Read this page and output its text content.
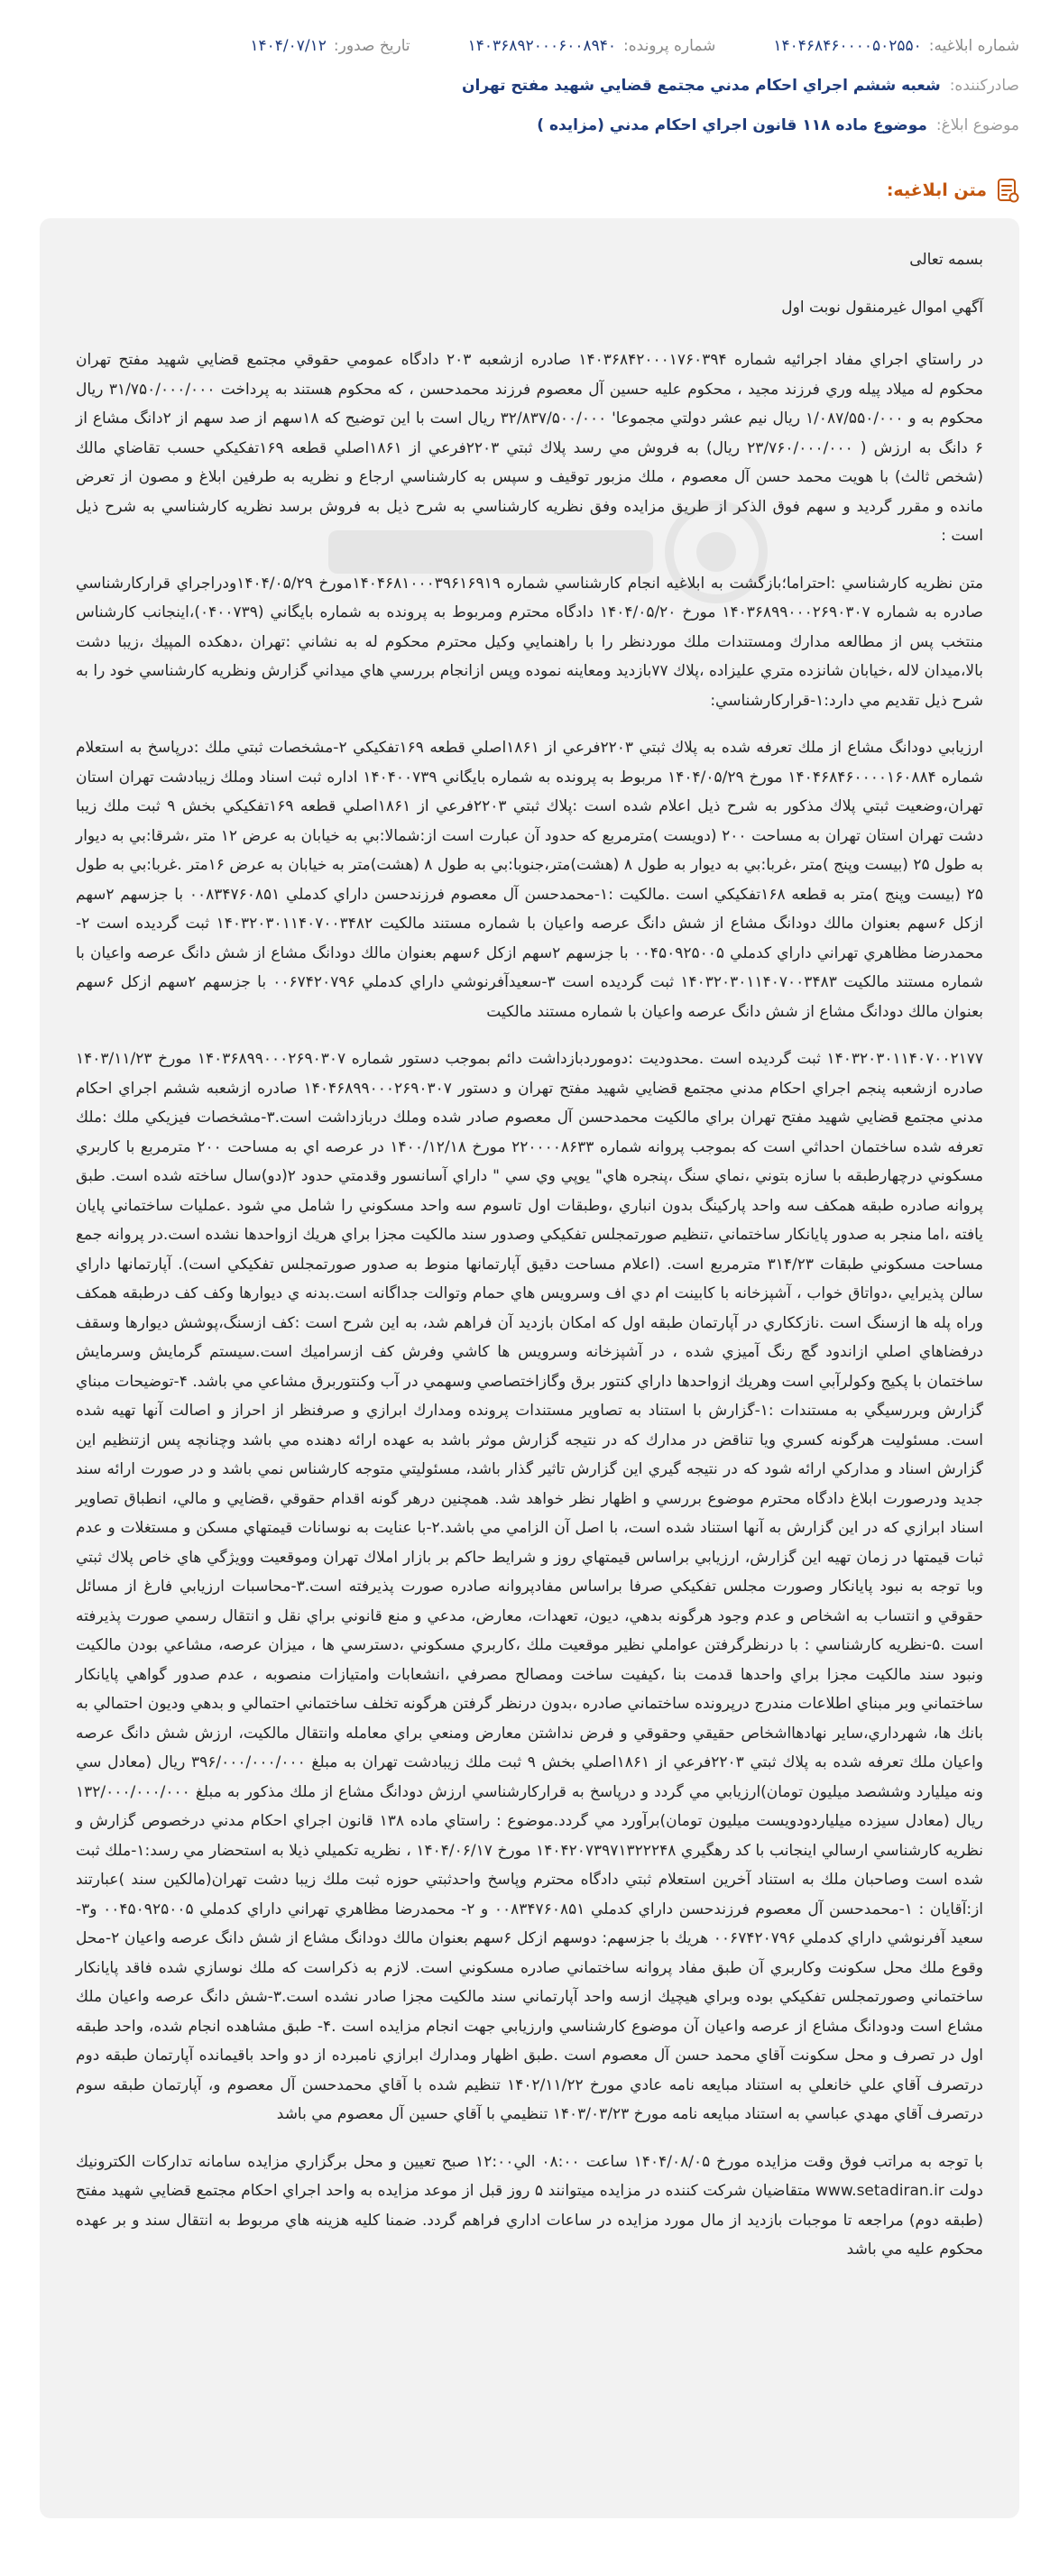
شماره ابلاغیه:
۱۴۰۴۶۸۴۶۰۰۰۰۵۰۲۵۵۰
شماره پرونده:
۱۴۰۳۶۸۹۲۰۰۰۶۰۰۸۹۴۰
تاریخ صدور:
۱۴۰۴/۰۷/۱۲
صادرکننده:
شعبه ششم اجراي احكام مدني مجتمع قضايي شهيد مفتح تهران
موضوع ابلاغ:
موضوع ماده ۱۱۸ قانون اجراي احكام مدني (مزايده )
متن ابلاغیه:

بسمه تعالی

آگهي اموال غيرمنقول نوبت اول

در راستاي اجراي مفاد اجرائيه شماره ۱۴۰۳۶۸۴۲۰۰۰۱۷۶۰۳۹۴ صادره ازشعبه ۲۰۳ دادگاه عمومي حقوقي مجتمع قضايي شهيد مفتح تهران محكوم له ميلاد پيله وري فرزند مجيد ، محكوم عليه حسين آل معصوم فرزند محمدحسن ، كه محكوم هستند به پرداخت ۳۱/۷۵۰/۰۰۰/۰۰۰ ريال محكوم به و ۱/۰۸۷/۵۵۰/۰۰۰ ريال نيم عشر دولتي مجموعا' ۳۲/۸۳۷/۵۰۰/۰۰۰ ريال است با اين توضيح كه ۱۸سهم از صد سهم از ۲دانگ مشاع از ۶ دانگ به ارزش ( ۲۳/۷۶۰/۰۰۰/۰۰۰ ريال) به فروش مي رسد پلاك ثبتي ۲۲۰۳فرعي از ۱۸۶۱اصلي قطعه ۱۶۹تفكيكي حسب تقاضاي مالك (شخص ثالث) با هويت محمد حسن آل معصوم ، ملك مزبور توقيف و سپس به كارشناسي ارجاع و نظريه به طرفين ابلاغ و مصون از تعرض مانده و مقرر گرديد و سهم فوق الذكر از طريق مزايده وفق نظريه كارشناسي به شرح ذيل به فروش برسد نظريه كارشناسي به شرح ذيل است :

متن نظريه كارشناسي :احتراما؛بازگشت به ابلاغيه انجام كارشناسي شماره ۱۴۰۴۶۸۱۰۰۰۳۹۶۱۶۹۱۹مورخ ۱۴۰۴/۰۵/۲۹ودراجراي قرارکارشناسي صادره به شماره ۱۴۰۳۶۸۹۹۰۰۰۲۶۹۰۳۰۷ مورخ ۱۴۰۴/۰۵/۲۰ دادگاه محترم ومربوط به پرونده به شماره بايگاني (۰۴۰۰۷۳۹)،اينجانب كارشناس منتخب پس از مطالعه مدارك ومستندات ملك موردنظر را با راهنمايي وكيل محترم محكوم له به نشاني :تهران ،دهكده المپيك ،زيبا دشت بالا،ميدان لاله ،خيابان شانزده متري عليزاده ،پلاك ۷۷بازديد ومعاينه نموده وپس ازانجام بررسي هاي ميداني گزارش ونظريه كارشناسي خود را به شرح ذيل تقديم مي دارد:۱-قرارکارشناسي:

ارزيابي دودانگ مشاع از ملك تعرفه شده به پلاك ثبتي ۲۲۰۳فرعي از ۱۸۶۱اصلي قطعه ۱۶۹تفكيكي ۲-مشخصات ثبتي ملك :درپاسخ به استعلام شماره ۱۴۰۴۶۸۴۶۰۰۰۰۱۶۰۸۸۴ مورخ ۱۴۰۴/۰۵/۲۹ مربوط به پرونده به شماره بايگاني ۱۴۰۴۰۰۷۳۹ اداره ثبت اسناد وملك زيبادشت تهران استان تهران،وضعيت ثبتي پلاك مذكور به شرح ذيل اعلام شده است :پلاك ثبتي ۲۲۰۳فرعي از ۱۸۶۱اصلي قطعه ۱۶۹تفكيكي بخش ۹ ثبت ملك زيبا دشت تهران استان تهران به مساحت ۲۰۰ (دويست )مترمربع كه حدود آن عبارت است از:شمالا:بي به خيابان به عرض ۱۲ متر ،شرقا:بي به ديوار به طول ۲۵ (بيست وپنج )متر ،غربا:بي به ديوار به طول ۸ (هشت)متر،جنوبا:بي به طول ۸ (هشت)متر به خيابان به عرض ۱۶متر .غربا:بي به طول ۲۵ (بيست وپنج )متر به قطعه ۱۶۸تفكيكي است .مالكيت :۱-محمدحسن آل معصوم فرزندحسن داراي كدملي ۰۰۸۳۴۷۶۰۸۵۱ با جزسهم ۲سهم ازكل ۶سهم بعنوان مالك دودانگ مشاع از شش دانگ عرصه واعيان با شماره مستند مالكيت ۱۴۰۳۲۰۳۰۱۱۴۰۷۰۰۳۴۸۲ ثبت گرديده است ۲- محمدرضا مظاهري تهراني داراي كدملي ۰۰۴۵۰۹۲۵۰۰۵ با جزسهم ۲سهم ازكل ۶سهم بعنوان مالك دودانگ مشاع از شش دانگ عرصه واعيان با شماره مستند مالكيت ۱۴۰۳۲۰۳۰۱۱۴۰۷۰۰۳۴۸۳ ثبت گرديده است ۳-سعيدآفرنوشي داراي كدملي ۰۰۶۷۴۲۰۷۹۶ با جزسهم ۲سهم ازكل ۶سهم بعنوان مالك دودانگ مشاع از شش دانگ عرصه واعيان با شماره مستند مالكيت

۱۴۰۳۲۰۳۰۱۱۴۰۷۰۰۲۱۷۷ ثبت گرديده است .محدوديت :دوموردبازداشت دائم بموجب دستور شماره ۱۴۰۳۶۸۹۹۰۰۰۲۶۹۰۳۰۷ مورخ ۱۴۰۳/۱۱/۲۳ صادره ازشعبه پنجم اجراي احكام مدني مجتمع قضايي شهيد مفتح تهران و دستور ۱۴۰۴۶۸۹۹۰۰۰۲۶۹۰۳۰۷ صادره ازشعبه ششم اجراي احكام مدني مجتمع قضايي شهيد مفتح تهران براي مالكيت محمدحسن آل معصوم صادر شده وملك دربازداشت است.۳-مشخصات فيزيكي ملك :ملك تعرفه شده ساختمان احداثي است كه بموجب پروانه شماره ۲۲۰۰۰۰۸۶۳۳ مورخ ۱۴۰۰/۱۲/۱۸ در عرصه اي به مساحت ۲۰۰ مترمربع با كاربري مسكوني درچهارطبقه با سازه بتوني ،نماي سنگ ،پنجره هاي" يوپي وي سي " داراي آسانسور وقدمتي حدود ۲(دو)سال ساخته شده است. طبق پروانه صادره طبقه همكف سه واحد پاركينگ بدون انباري ،وطبقات اول تاسوم سه واحد مسكوني را شامل مي شود .عمليات ساختماني پايان يافته ،اما منجر به صدور پايانكار ساختماني ،تنظيم صورتمجلس تفكيكي وصدور سند مالكيت مجزا براي هريك ازواحدها نشده است.در پروانه جمع مساحت مسكوني طبقات ۳۱۴/۲۳ مترمربع است. (اعلام مساحت دقيق آپارتمانها منوط به صدور صورتمجلس تفكيكي است). آپارتمانها داراي سالن پذيرايي ،دواتاق خواب ، آشپزخانه با كابينت ام دي اف وسرويس هاي حمام وتوالت جداگانه است.بدنه ي ديوارها وكف كف درطبقه همكف وراه پله ها ازسنگ است .نازككاري در آپارتمان طبقه اول كه امكان بازديد آن فراهم شد، به اين شرح است :كف ازسنگ،پوشش ديوارها وسقف درفضاهاي اصلي ازاندود گچ رنگ آميزي شده ، در آشپزخانه وسرويس ها كاشي وفرش كف ازسراميك است.سيستم گرمايش وسرمايش ساختمان با پكيج وكولرآبي است وهريك ازواحدها داراي كنتور برق وگازاختصاصي وسهمي در آب وكنتوربرق مشاعي مي باشد. ۴-توضيحات مبناي گزارش وبررسيگي به مستندات :۱-گزارش با استناد به تصاوير مستندات پرونده ومدارك ابرازي و صرفنظر از احراز و اصالت آنها تهيه شده است. مسئوليت هرگونه كسري ويا تناقض در مدارك كه در نتيجه گزارش موثر باشد به عهده ارائه دهنده مي باشد وچنانچه پس ازتنظيم اين گزارش اسناد و مداركي ارائه شود كه در نتيجه گيري اين گزارش تاثير گذار باشد، مسئوليتي متوجه كارشناس نمي باشد و در صورت ارائه سند جديد ودرصورت ابلاغ دادگاه محترم موضوع بررسي و اظهار نظر خواهد شد. همچنين درهر گونه اقدام حقوقي ،قضايي و مالي، انطباق تصاوير اسناد ابرازي كه در اين گزارش به آنها استناد شده است، با اصل آن الزامي مي باشد.۲-با عنايت به نوسانات قيمتهاي مسكن و مستغلات و عدم ثبات قيمتها در زمان تهيه اين گزارش، ارزيابي براساس قيمتهاي روز و شرايط حاكم بر بازار املاك تهران وموقعيت وويژگي هاي خاص پلاك ثبتي وبا توجه به نبود پايانكار وصورت مجلس تفكيكي صرفا براساس مفادپروانه صادره صورت پذيرفته است.۳-محاسبات ارزيابي فارغ از مسائل حقوقي و انتساب به اشخاص و عدم وجود هرگونه بدهي، ديون، تعهدات، معارض، مدعي و منع قانوني براي نقل و انتقال رسمي صورت پذيرفته است .۵-نظريه كارشناسي : با درنظرگرفتن عواملي نظير موقعيت ملك ،كاربري مسكوني ،دسترسي ها ، ميزان عرصه، مشاعي بودن مالكيت ونبود سند مالكيت مجزا براي واحدها قدمت بنا ،كيفيت ساخت ومصالح مصرفي ،انشعابات وامتيازات منصوبه ، عدم صدور گواهي پايانكار ساختماني وبر مبناي اطلاعات مندرج درپرونده ساختماني صادره ،بدون درنظر گرفتن هرگونه تخلف ساختماني احتمالي و بدهي وديون احتمالي به بانك ها، شهرداري،ساير نهادهااشخاص حقيقي وحقوقي و فرض نداشتن معارض ومنعي براي معامله وانتقال مالكيت، ارزش شش دانگ عرصه واعيان ملك تعرفه شده به پلاك ثبتي ۲۲۰۳فرعي از ۱۸۶۱اصلي بخش ۹ ثبت ملك زيبادشت تهران به مبلغ ۳۹۶/۰۰۰/۰۰۰/۰۰۰ ريال (معادل سي ونه ميليارد وششصد ميليون تومان)ارزيابي مي گردد و درپاسخ به قرارکارشناسي ارزش دودانگ مشاع از ملك مذكور به مبلغ ۱۳۲/۰۰۰/۰۰۰/۰۰۰ ريال (معادل سيزده ميلياردودويست ميليون تومان)برآورد مي گردد.موضوع : راستاي ماده ۱۳۸ قانون اجراي احكام مدني درخصوص گزارش و نظريه كارشناسي ارسالي اينجانب با كد رهگيري ۱۴۰۴۲۰۷۳۹۷۱۳۲۲۲۴۸ مورخ ۱۴۰۴/۰۶/۱۷ ، نظريه تكميلي ذيلا به استحضار مي رسد:۱-ملك ثبت شده است وصاحبان ملك به استناد آخرين استعلام ثبتي دادگاه محترم وپاسخ واحدثبتي حوزه ثبت ملك زيبا دشت تهران(مالكين سند )عبارتند از:آقايان : ۱-محمدحسن آل معصوم فرزندحسن داراي كدملي ۰۰۸۳۴۷۶۰۸۵۱ و ۲- محمدرضا مظاهري تهراني داراي كدملي ۰۰۴۵۰۹۲۵۰۰۵ و۳- سعيد آفرنوشي داراي كدملي ۰۰۶۷۴۲۰۷۹۶ هريك با جزسهم: دوسهم ازكل ۶سهم بعنوان مالك دودانگ مشاع از شش دانگ عرصه واعيان ۲-محل وقوع ملك محل سكونت وكاربري آن طبق مفاد پروانه ساختماني صادره مسكوني است. لازم به ذكراست كه ملك نوسازي شده فاقد پايانكار ساختماني وصورتمجلس تفكيكي بوده وبراي هيچيك ازسه واحد آپارتماني سند مالكيت مجزا صادر نشده است.۳-شش دانگ عرصه واعيان ملك مشاع است ودودانگ مشاع از عرصه واعيان آن موضوع كارشناسي وارزيابي جهت انجام مزايده است .۴- طبق مشاهده انجام شده، واحد طبقه اول در تصرف و محل سكونت آقاي محمد حسن آل معصوم است .طبق اظهار ومدارك ابرازي نامبرده از دو واحد باقيمانده آپارتمان طبقه دوم درتصرف آقاي علي خانعلي به استناد مبايعه نامه عادي مورخ ۱۴۰۲/۱۱/۲۲ تنظيم شده با آقاي محمدحسن آل معصوم و، آپارتمان طبقه سوم درتصرف آقاي مهدي عباسي به استناد مبايعه نامه مورخ ۱۴۰۳/۰۳/۲۳ تنظيمي با آقاي حسين آل معصوم مي باشد

با توجه به مراتب فوق وقت مزايده مورخ ۱۴۰۴/۰۸/۰۵ ساعت ۰۸:۰۰ الي۱۲:۰۰ صبح تعيين و محل برگزاري مزايده سامانه تداركات الكترونيك دولت www.setadiran.ir متقاضيان شركت كننده در مزايده ميتوانند ۵ روز قبل از موعد مزايده به واحد اجراي احكام مجتمع قضايي شهيد مفتح (طبقه دوم) مراجعه تا موجبات بازديد از مال مورد مزايده در ساعات اداري فراهم گردد. ضمنا كليه هزينه هاي مربوط به انتقال سند و بر عهده محكوم عليه مي باشد
